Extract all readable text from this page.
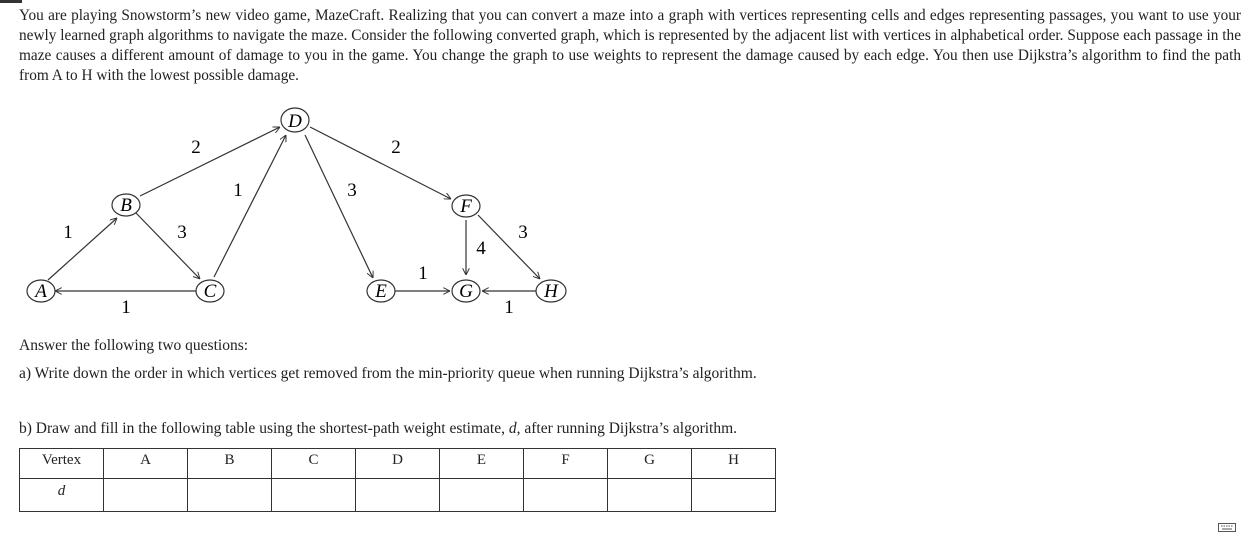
You are playing Snowstorm’s new video game, MazeCraft. Realizing that you can convert a maze into a graph with vertices representing cells and edges representing passages, you want to use your newly learned graph algorithms to navigate the maze. Consider the following converted graph, which is represented by the adjacent list with vertices in alphabetical order. Suppose each passage in the maze causes a different amount of damage to you in the game. You change the graph to use weights to represent the damage caused by each edge. You then use Dijkstra’s algorithm to find the path from A to H with the lowest possible damage.

1
1
2
3
1	3
2
1
4
3
1
A
B
C
D
E
F
G	H

Answer the following two questions:

a) Write down the order in which vertices get removed from the min-priority queue when running Dijkstra’s algorithm.

b) Draw and fill in the following table using the shortest-path weight estimate, d, after running Dijkstra’s algorithm.

Vertex	A	B	C	D	E	F	G	H
d								
